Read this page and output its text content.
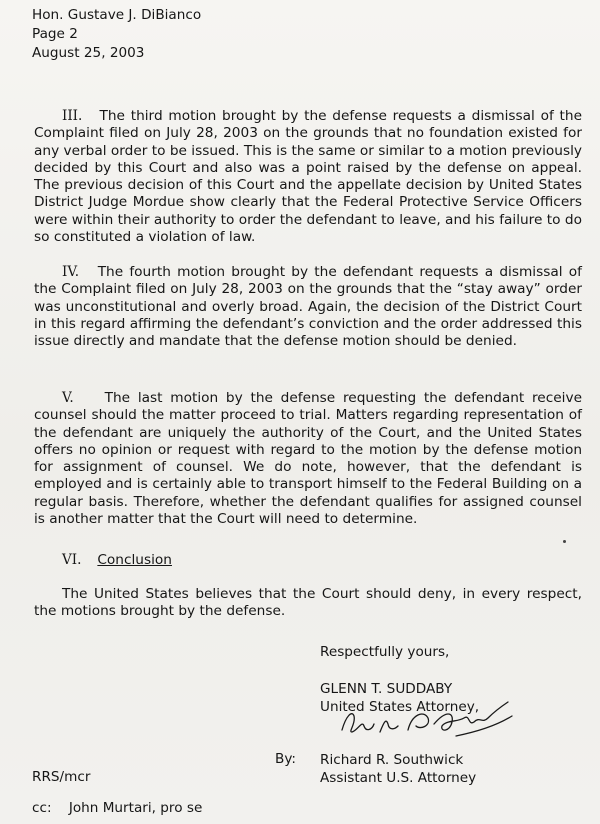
Hon. Gustave J. DiBianco
Page 2
August 25, 2003
III. The third motion brought by the defense requests a dismissal of the Complaint filed on July 28, 2003 on the grounds that no foundation existed for any verbal order to be issued. This is the same or similar to a motion previously decided by this Court and also was a point raised by the defense on appeal. The previous decision of this Court and the appellate decision by United States District Judge Mordue show clearly that the Federal Protective Service Officers were within their authority to order the defendant to leave, and his failure to do so constituted a violation of law.
IV. The fourth motion brought by the defendant requests a dismissal of the Complaint filed on July 28, 2003 on the grounds that the “stay away” order was unconstitutional and overly broad. Again, the decision of the District Court in this regard affirming the defendant’s conviction and the order addressed this issue directly and mandate that the defense motion should be denied.
V. The last motion by the defense requesting the defendant receive counsel should the matter proceed to trial. Matters regarding representation of the defendant are uniquely the authority of the Court, and the United States offers no opinion or request with regard to the motion by the defense motion for assignment of counsel. We do note, however, that the defendant is employed and is certainly able to transport himself to the Federal Building on a regular basis. Therefore, whether the defendant qualifies for assigned counsel is another matter that the Court will need to determine.
VI. Conclusion
The United States believes that the Court should deny, in every respect, the motions brought by the defense.
Respectfully yours,
GLENN T. SUDDABY
United States Attorney,
By: Richard R. Southwick
Assistant U.S. Attorney
RRS/mcr
cc: John Murtari, pro se
